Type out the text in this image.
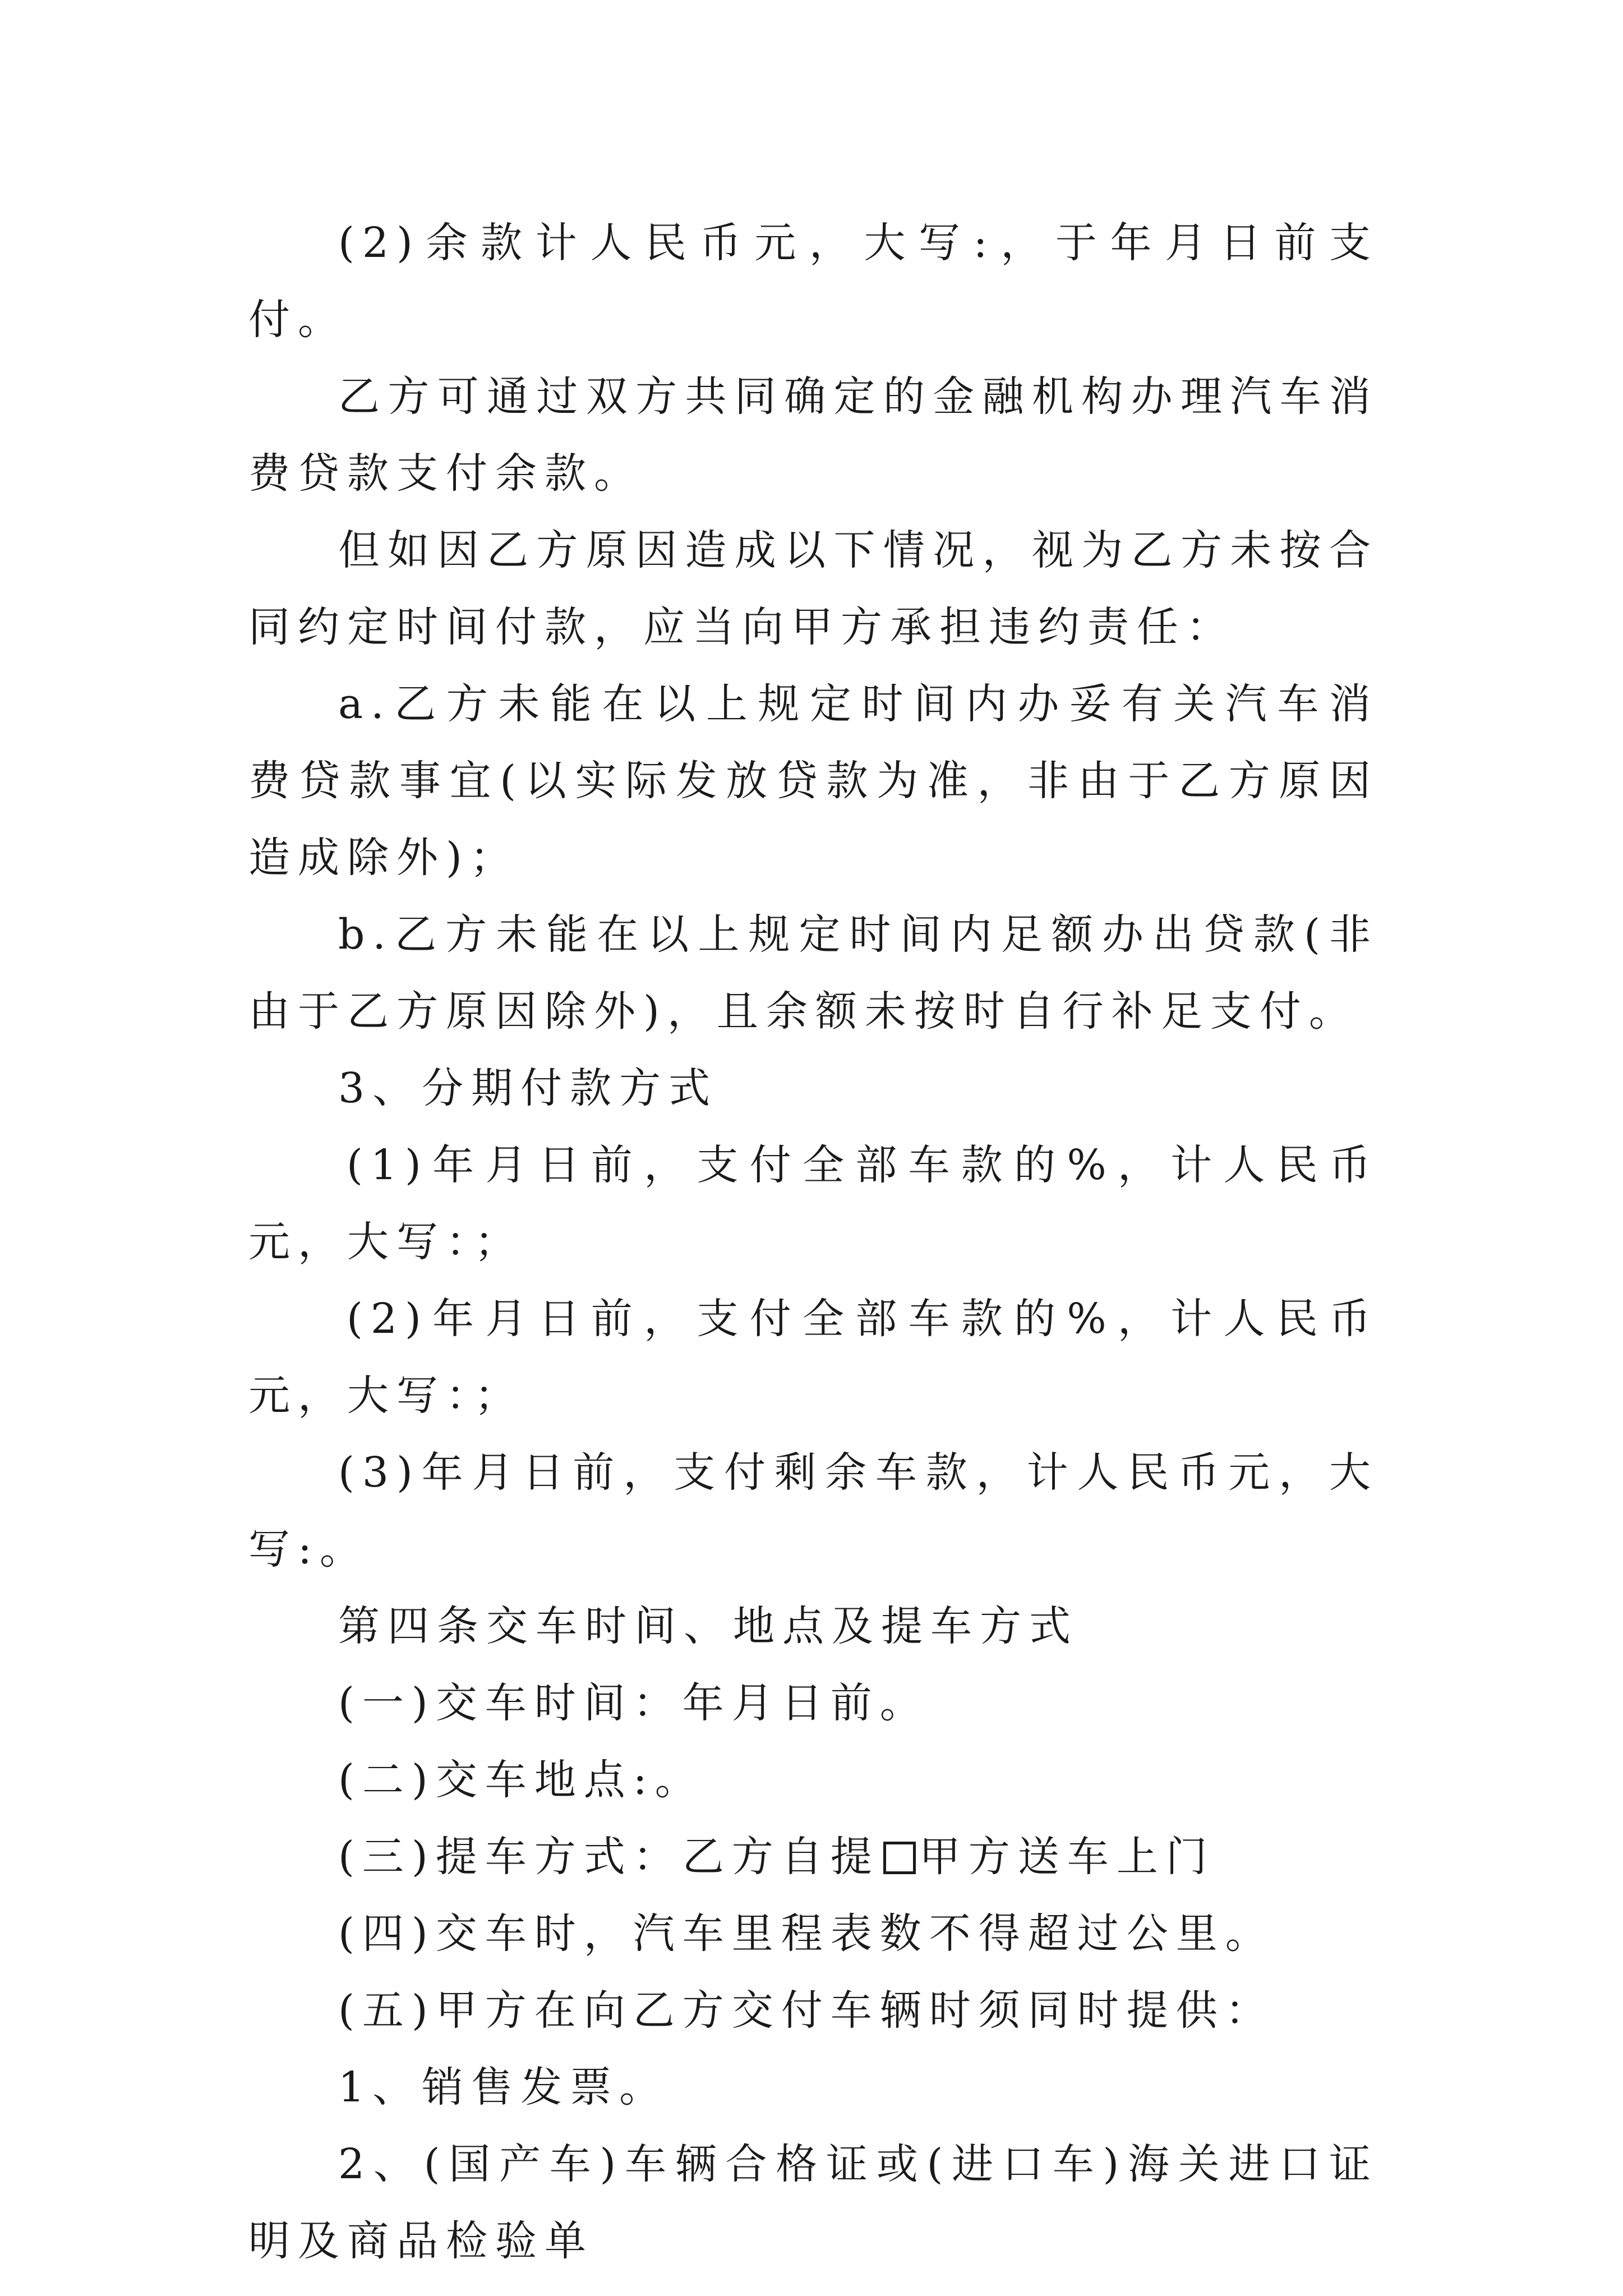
(2)余款计人民币元，大写:，于年月日前支付。

乙方可通过双方共同确定的金融机构办理汽车消费贷款支付余款。

但如因乙方原因造成以下情况，视为乙方未按合同约定时间付款，应当向甲方承担违约责任：

a.乙方未能在以上规定时间内办妥有关汽车消费贷款事宜(以实际发放贷款为准，非由于乙方原因造成除外)；

b.乙方未能在以上规定时间内足额办出贷款(非由于乙方原因除外)，且余额未按时自行补足支付。

3、分期付款方式

(1)年月日前，支付全部车款的%，计人民币元，大写：；

(2)年月日前，支付全部车款的%，计人民币元，大写：；

(3)年月日前，支付剩余车款，计人民币元，大写:。

第四条交车时间、地点及提车方式

(一)交车时间：年月日前。

(二)交车地点:。

(三)提车方式：乙方自提 甲方送车上门

(四)交车时，汽车里程表数不得超过公里。

(五)甲方在向乙方交付车辆时须同时提供：

1、销售发票。

2、(国产车)车辆合格证或(进口车)海关进口证明及商品检验单
